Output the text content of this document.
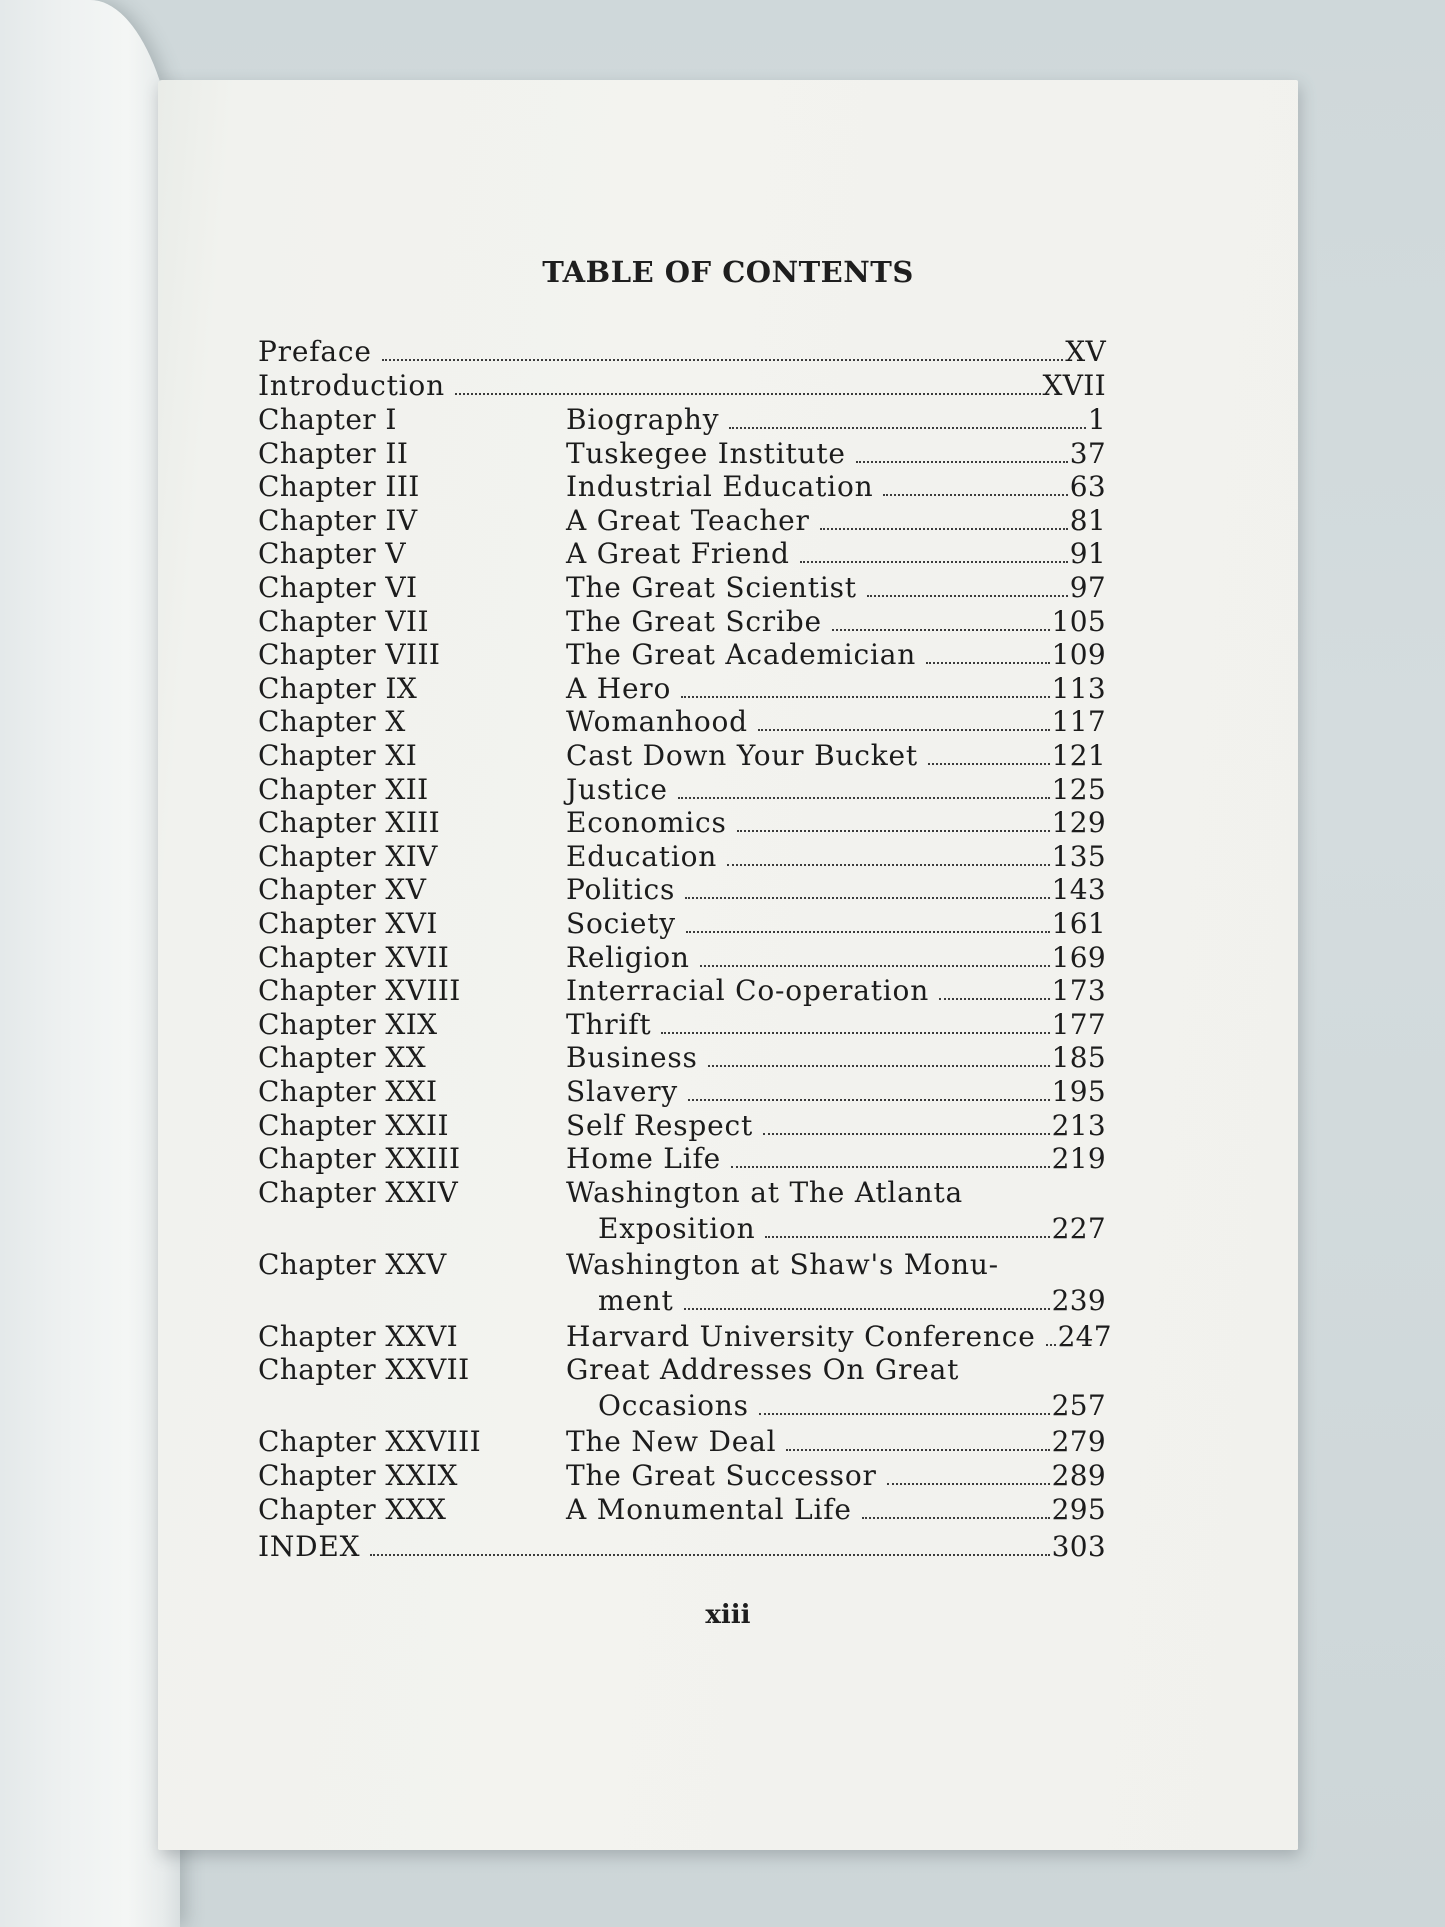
TABLE OF CONTENTS
Preface	XV
Introduction	XVII
Chapter I	Biography	1
Chapter II	Tuskegee Institute	37
Chapter III	Industrial Education	63
Chapter IV	A Great Teacher	81
Chapter V	A Great Friend	91
Chapter VI	The Great Scientist	97
Chapter VII	The Great Scribe	105
Chapter VIII	The Great Academician	109
Chapter IX	A Hero	113
Chapter X	Womanhood	117
Chapter XI	Cast Down Your Bucket	121
Chapter XII	Justice	125
Chapter XIII	Economics	129
Chapter XIV	Education	135
Chapter XV	Politics	143
Chapter XVI	Society	161
Chapter XVII	Religion	169
Chapter XVIII	Interracial Co-operation	173
Chapter XIX	Thrift	177
Chapter XX	Business	185
Chapter XXI	Slavery	195
Chapter XXII	Self Respect	213
Chapter XXIII	Home Life	219
Chapter XXIV	Washington at The Atlanta
Exposition	227
Chapter XXV	Washington at Shaw's Monu-
ment	239
Chapter XXVI	Harvard University Conference 247
Chapter XXVII	Great Addresses On Great
Occasions	257
Chapter XXVIII	The New Deal	279
Chapter XXIX	The Great Successor	289
Chapter XXX	A Monumental Life	295
INDEX	303
xiii
